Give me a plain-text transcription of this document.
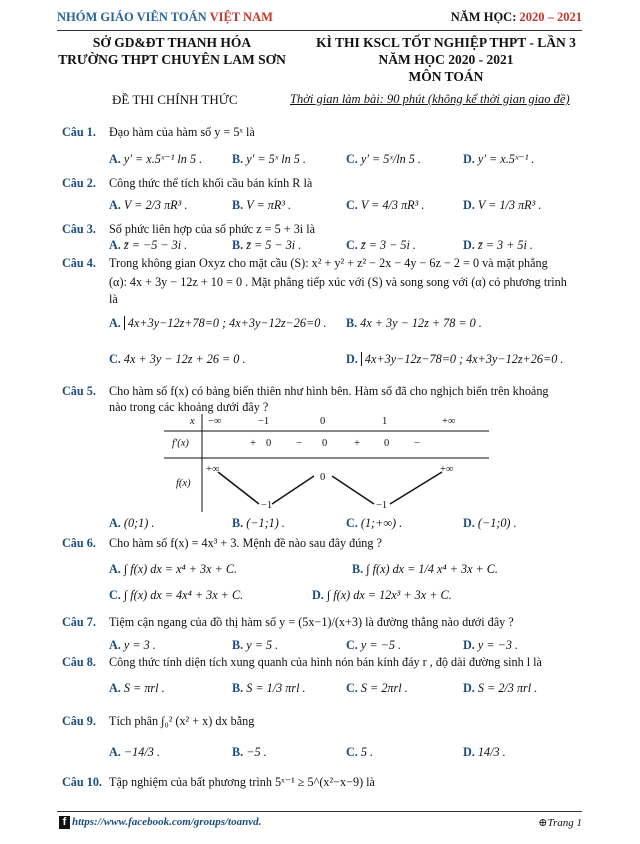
NHÓM GIÁO VIÊN TOÁN VIỆT NAM	NĂM HỌC: 2020 – 2021
SỞ GD&ĐT THANH HÓA
TRƯỜNG THPT CHUYÊN LAM SƠN
KÌ THI KSCL TỐT NGHIỆP THPT - LẦN 3
NĂM HỌC 2020 - 2021
MÔN TOÁN
ĐỀ THI CHÍNH THỨC	Thời gian làm bài: 90 phút (không kể thời gian giao đề)
Câu 1. Đạo hàm của hàm số y = 5ˣ là
A. y′ = x.5ˣ⁻¹ ln 5 . B. y′ = 5ˣ ln 5 .	C. y′ = 5ˣ/ln 5 .	D. y′ = x.5ˣ⁻¹ .
Câu 2. Công thức thể tích khối cầu bán kính R là
A. V = 2/3 πR³ .	B. V = πR³ .	C. V = 4/3 πR³ .	D. V = 1/3 πR³ .
Câu 3. Số phức liên hợp của số phức z = 5 + 3i là
A. z̄ = −5 − 3i .	B. z̄ = 5 − 3i .	C. z̄ = 3 − 5i .	D. z̄ = 3 + 5i .
Câu 4. Trong không gian Oxyz cho mặt cầu (S): x² + y² + z² − 2x − 4y − 6z − 2 = 0 và mặt phẳng
(α): 4x + 3y − 12z + 10 = 0 . Mặt phẳng tiếp xúc với (S) và song song với (α) có phương trình
là
A. 4x+3y−12z+78=0 ; 4x+3y−12z−26=0 . B. 4x + 3y − 12z + 78 = 0 .
C. 4x + 3y − 12z + 26 = 0 .	D. 4x+3y−12z−78=0 ; 4x+3y−12z+26=0 .
Câu 5. Cho hàm số f(x) có bảng biến thiên như hình bên. Hàm số đã cho nghịch biến trên khoảng
nào trong các khoảng dưới đây ?
x −∞	−1	0	1	+∞
f′(x)	+ 0 − 0	+ 0 −
f(x)
+∞
−1
0
−1
+∞
A. (0;1) .	B. (−1;1) .	C. (1;+∞) .	D. (−1;0) .
Câu 6. Cho hàm số f(x) = 4x³ + 3. Mệnh đề nào sau đây đúng ?
A. ∫ f(x) dx = x⁴ + 3x + C.	B. ∫ f(x) dx = 1/4 x⁴ + 3x + C.
C. ∫ f(x) dx = 4x⁴ + 3x + C.	D. ∫ f(x) dx = 12x³ + 3x + C.
Câu 7. Tiệm cận ngang của đồ thị hàm số y = (5x−1)/(x+3) là đường thẳng nào dưới đây ?
A. y = 3 .	B. y = 5 .	C. y = −5 .	D. y = −3 .
Câu 8. Công thức tính diện tích xung quanh của hình nón bán kính đáy r , độ dài đường sinh l là
A. S = πrl .	B. S = 1/3 πrl .	C. S = 2πrl .	D. S = 2/3 πrl .
Câu 9. Tích phân ∫₀² (x² + x) dx bằng
A. −14/3 .	B. −5 .	C. 5 .	D. 14/3 .
Câu 10. Tập nghiệm của bất phương trình 5ˣ⁻¹ ≥ 5^(x²−x−9) là
f https://www.facebook.com/groups/toanvd.	⊕Trang 1
